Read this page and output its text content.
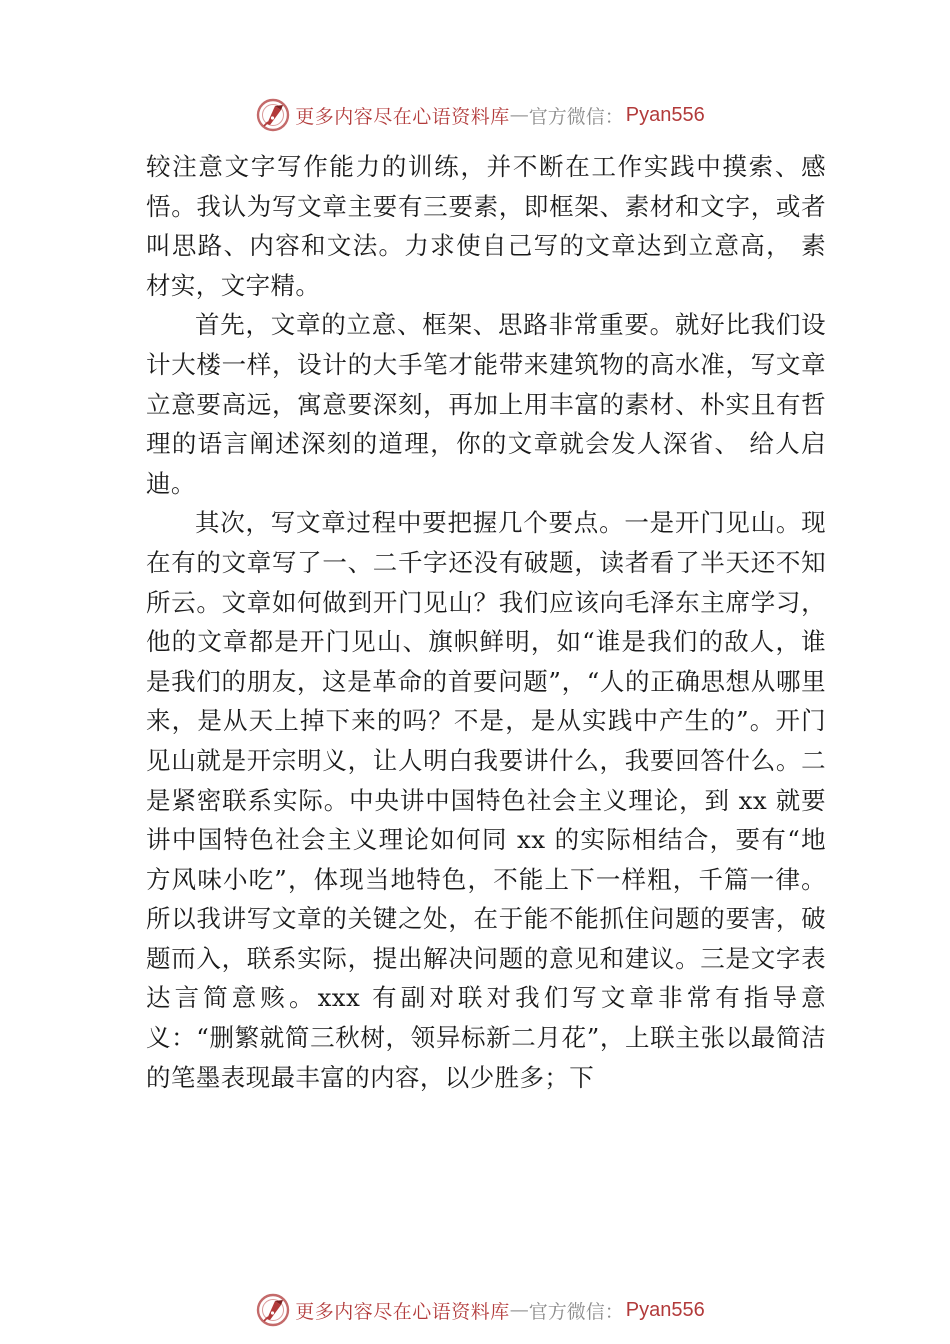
更多内容尽在心语资料库 — 官方微信： Pyan556

较注意文字写作能力的训练，并不断在工作实践中摸索、感悟。我认为写文章主要有三要素，即框架、素材和文字，或者叫思路、内容和文法。力求使自己写的文章达到立意高， 素材实，文字精。

首先，文章的立意、框架、思路非常重要。就好比我们设计大楼一样，设计的大手笔才能带来建筑物的高水准，写文章立意要高远，寓意要深刻，再加上用丰富的素材、朴实且有哲理的语言阐述深刻的道理，你的文章就会发人深省、 给人启迪。

其次，写文章过程中要把握几个要点。一是开门见山。现在有的文章写了一、二千字还没有破题，读者看了半天还不知所云。文章如何做到开门见山？我们应该向毛泽东主席学习，他的文章都是开门见山、旗帜鲜明，如“谁是我们的敌人，谁是我们的朋友，这是革命的首要问题”，“人的正确思想从哪里来，是从天上掉下来的吗？不是，是从实践中产生的”。开门见山就是开宗明义，让人明白我要讲什么，我要回答什么。二是紧密联系实际。中央讲中国特色社会主义理论，到 xx 就要讲中国特色社会主义理论如何同 xx 的实际相结合，要有“地方风味小吃”，体现当地特色，不能上下一样粗，千篇一律。所以我讲写文章的关键之处，在于能不能抓住问题的要害，破题而入，联系实际，提出解决问题的意见和建议。三是文字表达言简意赅。xxx 有副对联对我们写文章非常有指导意义：“删繁就简三秋树，领异标新二月花”，上联主张以最简洁的笔墨表现最丰富的内容，以少胜多；下

更多内容尽在心语资料库 — 官方微信： Pyan556
